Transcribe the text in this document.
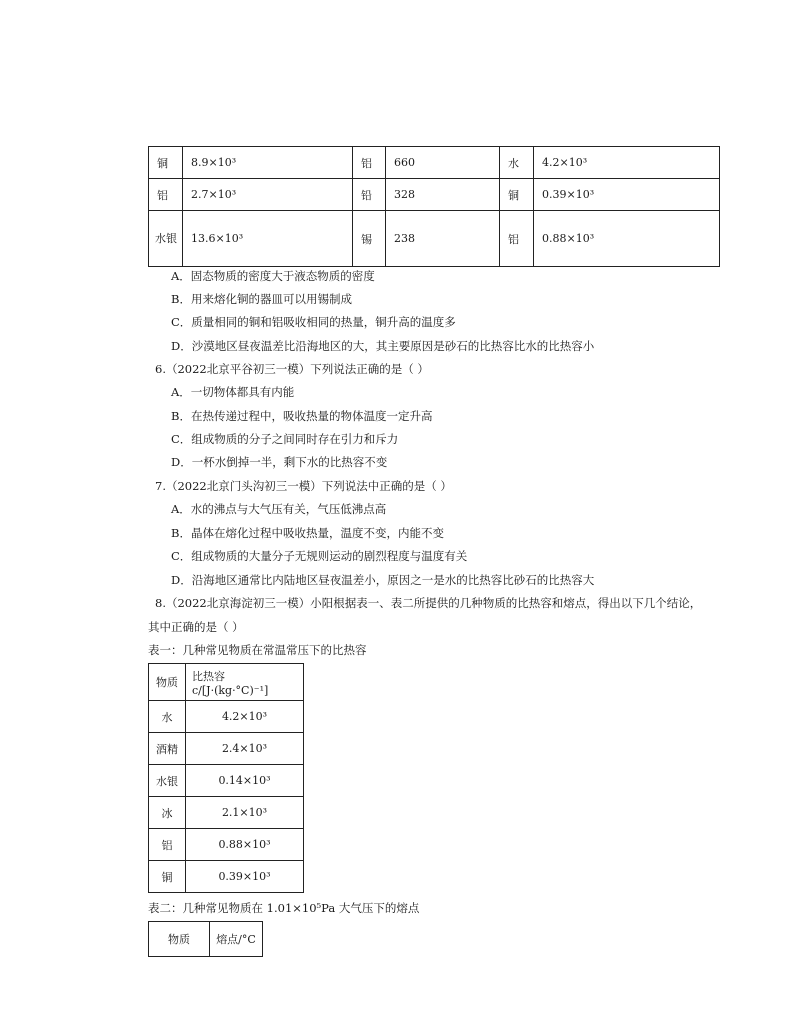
铜	8.9×10³	铝	660	水	4.2×10³
铝	2.7×10³	铅	328	铜	0.39×10³
水银	13.6×10³	锡	238	铝	0.88×10³
A．固态物质的密度大于液态物质的密度
B．用来熔化铜的器皿可以用锡制成
C．质量相同的铜和铝吸收相同的热量，铜升高的温度多
D．沙漠地区昼夜温差比沿海地区的大，其主要原因是砂石的比热容比水的比热容小
6.（2022北京平谷初三一模）下列说法正确的是（ ）
A．一切物体都具有内能
B．在热传递过程中，吸收热量的物体温度一定升高
C．组成物质的分子之间同时存在引力和斥力
D．一杯水倒掉一半，剩下水的比热容不变
7.（2022北京门头沟初三一模）下列说法中正确的是（ ）
A．水的沸点与大气压有关，气压低沸点高
B．晶体在熔化过程中吸收热量，温度不变，内能不变
C．组成物质的大量分子无规则运动的剧烈程度与温度有关
D．沿海地区通常比内陆地区昼夜温差小，原因之一是水的比热容比砂石的比热容大
8.（2022北京海淀初三一模）小阳根据表一、表二所提供的几种物质的比热容和熔点，得出以下几个结论，
其中正确的是（ ）
表一：几种常见物质在常温常压下的比热容
物质	比热容 c/[J·(kg·°C)⁻¹]
水	4.2×10³
酒精	2.4×10³
水银	0.14×10³
冰	2.1×10³
铝	0.88×10³
铜	0.39×10³
表二：几种常见物质在 1.01×10⁵Pa 大气压下的熔点
物质	熔点/°C
